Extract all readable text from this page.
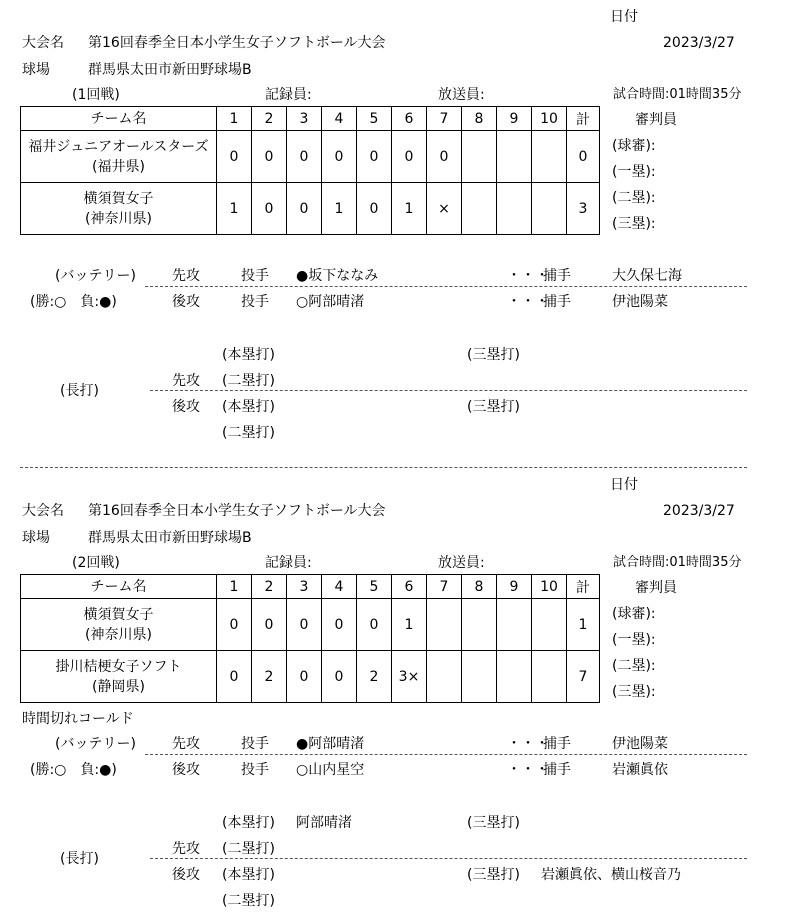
日付
大会名 第16回春季全日本小学生女子ソフトボール大会	2023/3/27
球場	群馬県太田市新田野球場B
(1回戦)	記録員:	放送員:	試合時間:01時間35分
チーム名	1	2	3	4	5	6	7	8	9	10	計

福井ジュニアオールスターズ
(福井県)	0	0	0	0	0	0	0				0

横須賀女子
(神奈川県)	1	0	0	1	0	1	×				3
審判員
(球審):
(一塁):
(二塁):
(三塁):
(バッテリー)	先攻	投手 ●坂下ななみ	・・・
捕手	大久保七海
(勝:○　負:●)	後攻	投手 ○阿部晴渚	・・・
捕手	伊池陽菜
(本塁打)	(三塁打)
(長打)
先攻 (二塁打)
後攻 (本塁打)	(三塁打)
(二塁打)
日付
大会名 第16回春季全日本小学生女子ソフトボール大会	2023/3/27
球場	群馬県太田市新田野球場B
(2回戦)	記録員:	放送員:	試合時間:01時間35分
チーム名	1	2	3	4	5	6	7	8	9	10	計

横須賀女子
(神奈川県)	0	0	0	0	0	1					1

掛川桔梗女子ソフト
(静岡県)	0	2	0	0	2	3×					7
審判員
(球審):
(一塁):
(二塁):
(三塁):
時間切れコールド
(バッテリー)	先攻	投手 ●阿部晴渚	・・・
捕手	伊池陽菜
(勝:○　負:●)	後攻	投手 ○山内星空	・・・
捕手	岩瀬眞依
(本塁打) 阿部晴渚	(三塁打)
(長打)
先攻 (二塁打)
後攻 (本塁打)	(三塁打) 岩瀬眞依、横山桜音乃
(二塁打)
